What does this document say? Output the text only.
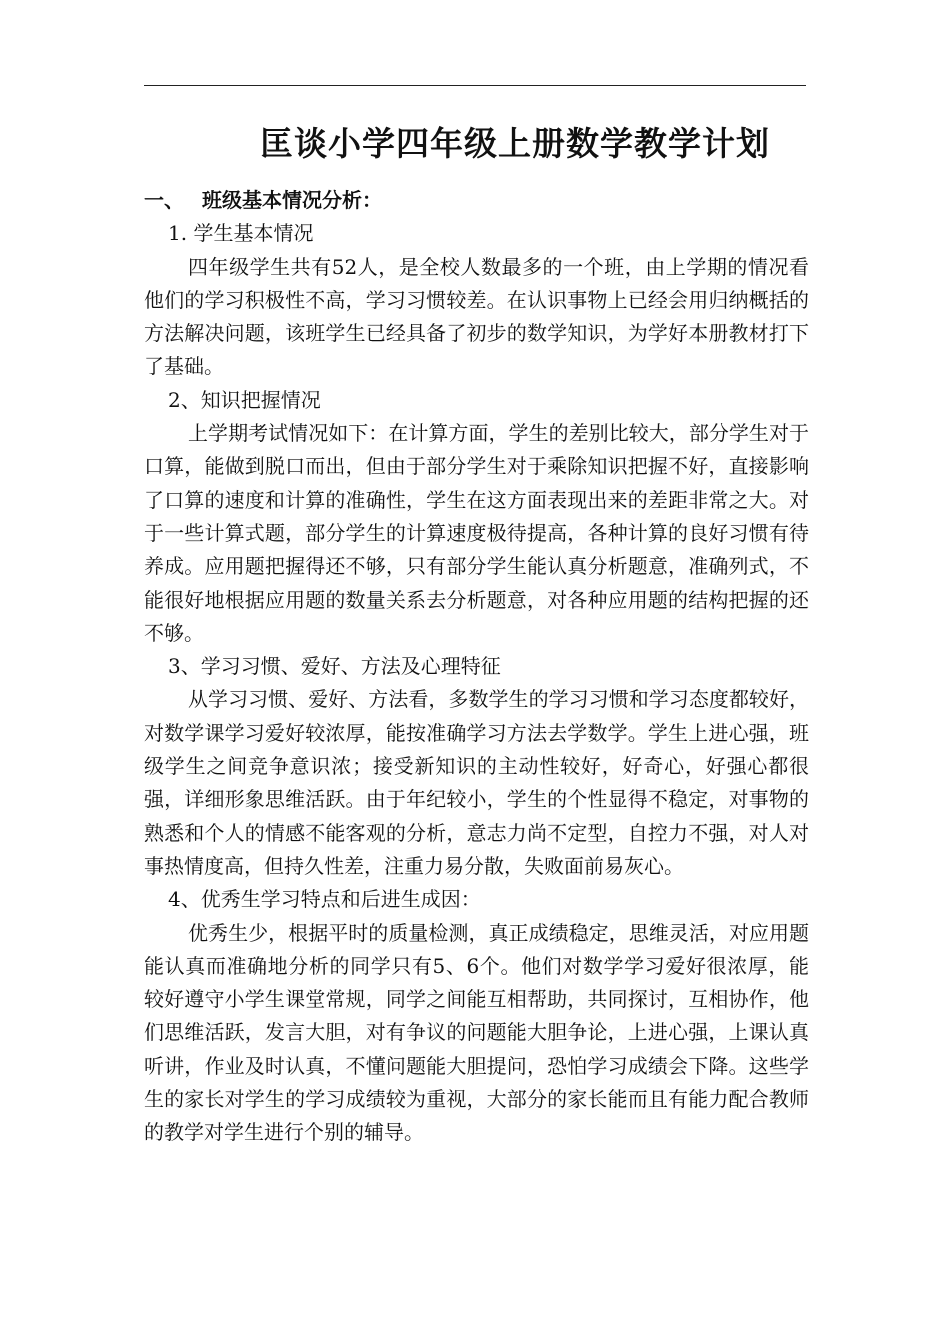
匡谈小学四年级上册数学教学计划

一、 班级基本情况分析：

1. 学生基本情况

四年级学生共有52人，是全校人数最多的一个班，由上学期的情况看他们的学习积极性不高，学习习惯较差。在认识事物上已经会用归纳概括的方法解决问题，该班学生已经具备了初步的数学知识，为学好本册教材打下了基础。

2、知识把握情况

上学期考试情况如下：在计算方面，学生的差别比较大，部分学生对于口算，能做到脱口而出，但由于部分学生对于乘除知识把握不好，直接影响了口算的速度和计算的准确性，学生在这方面表现出来的差距非常之大。对于一些计算式题，部分学生的计算速度极待提高，各种计算的良好习惯有待养成。应用题把握得还不够，只有部分学生能认真分析题意，准确列式，不能很好地根据应用题的数量关系去分析题意，对各种应用题的结构把握的还不够。

3、学习习惯、爱好、方法及心理特征

从学习习惯、爱好、方法看，多数学生的学习习惯和学习态度都较好，对数学课学习爱好较浓厚，能按准确学习方法去学数学。学生上进心强，班级学生之间竞争意识浓；接受新知识的主动性较好，好奇心，好强心都很强，详细形象思维活跃。由于年纪较小，学生的个性显得不稳定，对事物的熟悉和个人的情感不能客观的分析，意志力尚不定型，自控力不强，对人对事热情度高，但持久性差，注重力易分散，失败面前易灰心。

4、优秀生学习特点和后进生成因：

优秀生少，根据平时的质量检测，真正成绩稳定，思维灵活，对应用题能认真而准确地分析的同学只有5、6个。他们对数学学习爱好很浓厚，能较好遵守小学生课堂常规，同学之间能互相帮助，共同探讨，互相协作，他们思维活跃，发言大胆，对有争议的问题能大胆争论，上进心强，上课认真听讲，作业及时认真，不懂问题能大胆提问，恐怕学习成绩会下降。这些学生的家长对学生的学习成绩较为重视，大部分的家长能而且有能力配合教师的教学对学生进行个别的辅导。
